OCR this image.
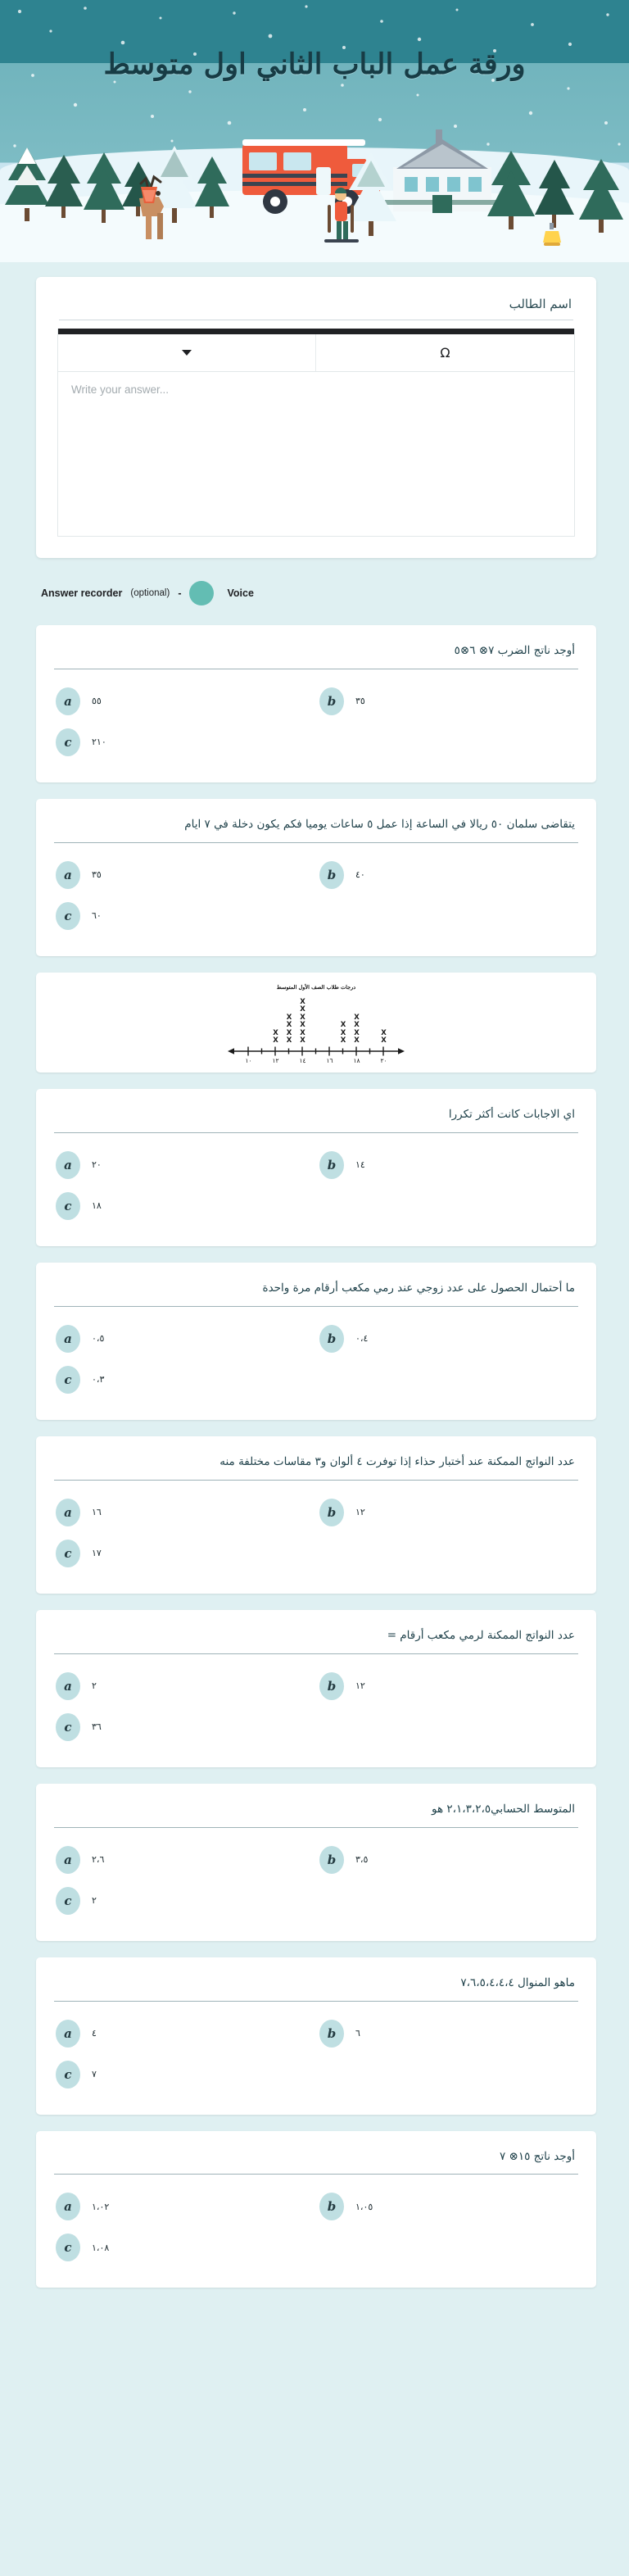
ورقة عمل الباب الثاني اول متوسط
اسم الطالب
Ω
Write your answer...
Answer recorder (optional) -	Voice
أوجد ناتج الضرب ٧⊗ ٦⊗٥
a	٥٥	b	٣٥
c	٢١٠
يتقاضى سلمان ٥٠ ريالا في الساعة إذا عمل ٥ ساعات يوميا فكم يكون دخلة في ٧ ايام
a	٣٥	b	٤٠
c	٦٠
درجات طلاب الصف الأول المتوسط
X
X
X
X
X
X
X
X
X
X
X
X
X
X
X
X
X
X
X
X
X
١٠	١٢	١٤	١٦	١٨	٢٠
اي الاجابات كانت أكثر تكررا
a	٢٠	b	١٤
c	١٨
ما أحتمال الحصول على عدد زوجي عند رمي مكعب أرقام مرة واحدة
a	٠،٥	b	٠،٤
c	٠،٣
عدد النواتج الممكنة عند أختبار حذاء إذا توفرت ٤ ألوان و٣ مقاسات مختلفة منه
a	١٦	b	١٢
c	١٧
عدد النواتج الممكنة لرمي مكعب أرقام =
a	٢	b	١٢
c	٣٦
المتوسط الحسابي٢،١،٣،٢،٥ هو
a	٢،٦	b	٣،٥
c	٢
ماهو المنوال ٧،٦،٥،٤،٤،٤
a	٤	b	٦
c	٧
أوجد ناتج ١٥⊗ ٧
a	١،٠٢	b	١،٠٥
c	١،٠٨
